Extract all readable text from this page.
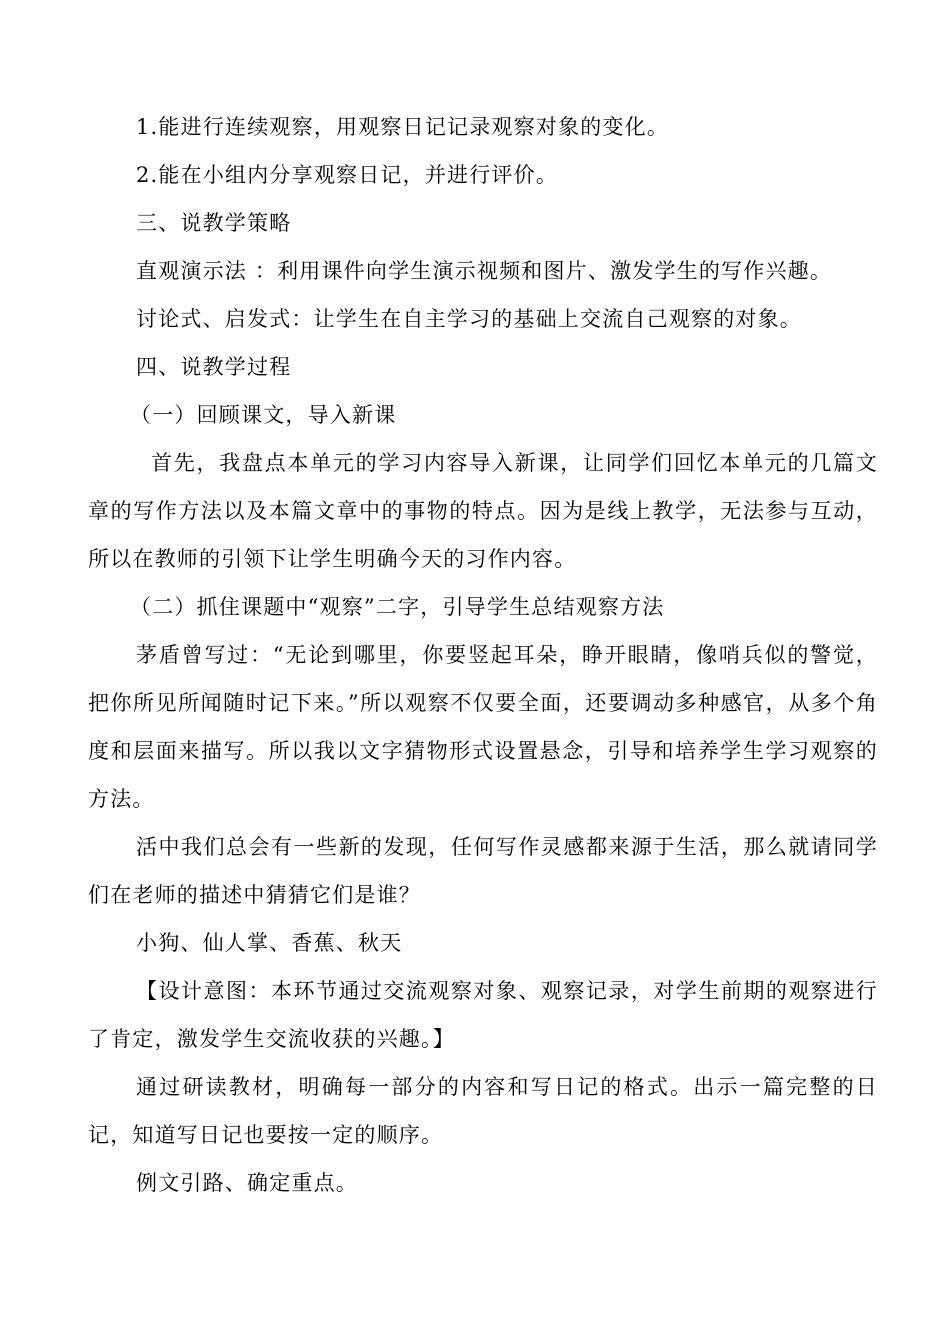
1.能进行连续观察，用观察日记记录观察对象的变化。

2.能在小组内分享观察日记，并进行评价。

三、说教学策略

直观演示法 ：利用课件向学生演示视频和图片、激发学生的写作兴趣。

讨论式、启发式：让学生在自主学习的基础上交流自己观察的对象。

四、说教学过程

（一）回顾课文，导入新课

首先，我盘点本单元的学习内容导入新课，让同学们回忆本单元的几篇文章的写作方法以及本篇文章中的事物的特点。因为是线上教学，无法参与互动，所以在教师的引领下让学生明确今天的习作内容。

（二）抓住课题中“观察”二字，引导学生总结观察方法

茅盾曾写过：“无论到哪里，你要竖起耳朵，睁开眼睛，像哨兵似的警觉，把你所见所闻随时记下来。”所以观察不仅要全面，还要调动多种感官，从多个角度和层面来描写。所以我以文字猜物形式设置悬念，引导和培养学生学习观察的方法。

活中我们总会有一些新的发现，任何写作灵感都来源于生活，那么就请同学们在老师的描述中猜猜它们是谁？

小狗、仙人掌、香蕉、秋天

【设计意图：本环节通过交流观察对象、观察记录，对学生前期的观察进行了肯定，激发学生交流收获的兴趣。】

通过研读教材，明确每一部分的内容和写日记的格式。出示一篇完整的日记，知道写日记也要按一定的顺序。

例文引路、确定重点。
